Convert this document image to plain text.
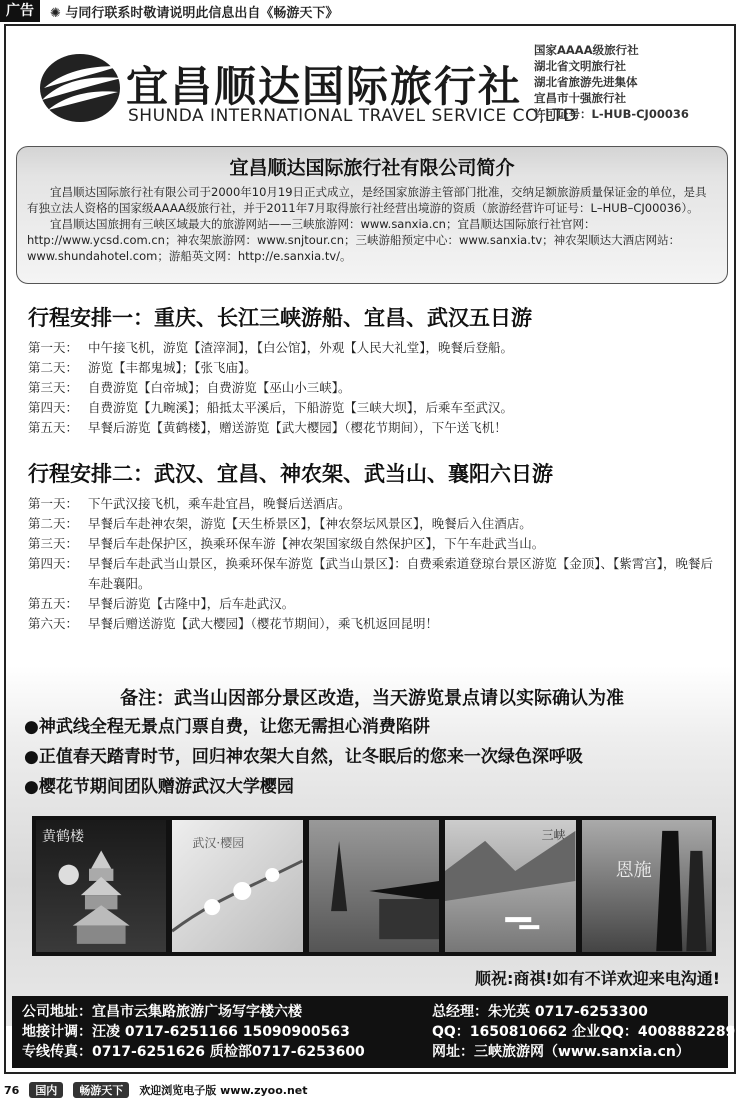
广告	✺ 与同行联系时敬请说明此信息出自《畅游天下》
宜昌顺达国际旅行社
SHUNDA INTERNATIONAL TRAVEL SERVICE CO,LTD
国家AAAA级旅行社
湖北省文明旅行社
湖北省旅游先进集体
宜昌市十强旅行社
许可证号：L-HUB-CJ00036
宜昌顺达国际旅行社有限公司简介

宜昌顺达国际旅行社有限公司于2000年10月19日正式成立，是经国家旅游主管部门批准，交纳足额旅游质量保证金的单位，是具有独立法人资格的国家级AAAA级旅行社，并于2011年7月取得旅行社经营出境游的资质（旅游经营许可证号：L–HUB–CJ00036）。

宜昌顺达国旅拥有三峡区域最大的旅游网站——三峡旅游网：www.sanxia.cn；宜昌顺达国际旅行社官网：http://www.ycsd.com.cn；神农架旅游网：www.snjtour.cn；三峡游船预定中心：www.sanxia.tv；神农架顺达大酒店网站：www.shundahotel.com；游船英文网：http://e.sanxia.tv/。

行程安排一：重庆、长江三峡游船、宜昌、武汉五日游
第一天： 中午接飞机，游览【渣滓洞】，【白公馆】，外观【人民大礼堂】，晚餐后登船。
第二天： 游览【丰都鬼城】；【张飞庙】。
第三天： 自费游览【白帝城】；自费游览【巫山小三峡】。
第四天： 自费游览【九畹溪】；船抵太平溪后，下船游览【三峡大坝】，后乘车至武汉。
第五天： 早餐后游览【黄鹤楼】，赠送游览【武大樱园】（樱花节期间），下午送飞机！
行程安排二：武汉、宜昌、神农架、武当山、襄阳六日游
第一天： 下午武汉接飞机，乘车赴宜昌，晚餐后送酒店。
第二天： 早餐后车赴神农架，游览【天生桥景区】，【神农祭坛风景区】，晚餐后入住酒店。
第三天： 早餐后车赴保护区，换乘环保车游【神农架国家级自然保护区】，下午车赴武当山。
第四天： 早餐后车赴武当山景区，换乘环保车游览【武当山景区】：自费乘索道登琼台景区游览【金顶】、【紫霄宫】，晚餐后车赴襄阳。
第五天： 早餐后游览【古隆中】，后车赴武汉。
第六天： 早餐后赠送游览【武大樱园】（樱花节期间），乘飞机返回昆明！
备注：武当山因部分景区改造，当天游览景点请以实际确认为准
●神武线全程无景点门票自费，让您无需担心消费陷阱
●正值春天踏青时节，回归神农架大自然，让冬眠后的您来一次绿色深呼吸
●樱花节期间团队赠游武汉大学樱园
黄鹤楼	武汉·樱园
三峡
恩施
顺祝:商祺!如有不详欢迎来电沟通!
公司地址：宜昌市云集路旅游广场写字楼六楼	总经理：朱光英 0717-6253300
地接计调：汪凌 0717-6251166 15090900563	QQ：1650810662 企业QQ：4008882289
专线传真：0717-6251626 质检部0717-6253600	网址：三峡旅游网（www.sanxia.cn）
76	国内	畅游天下	欢迎浏览电子版 www.zyoo.net
